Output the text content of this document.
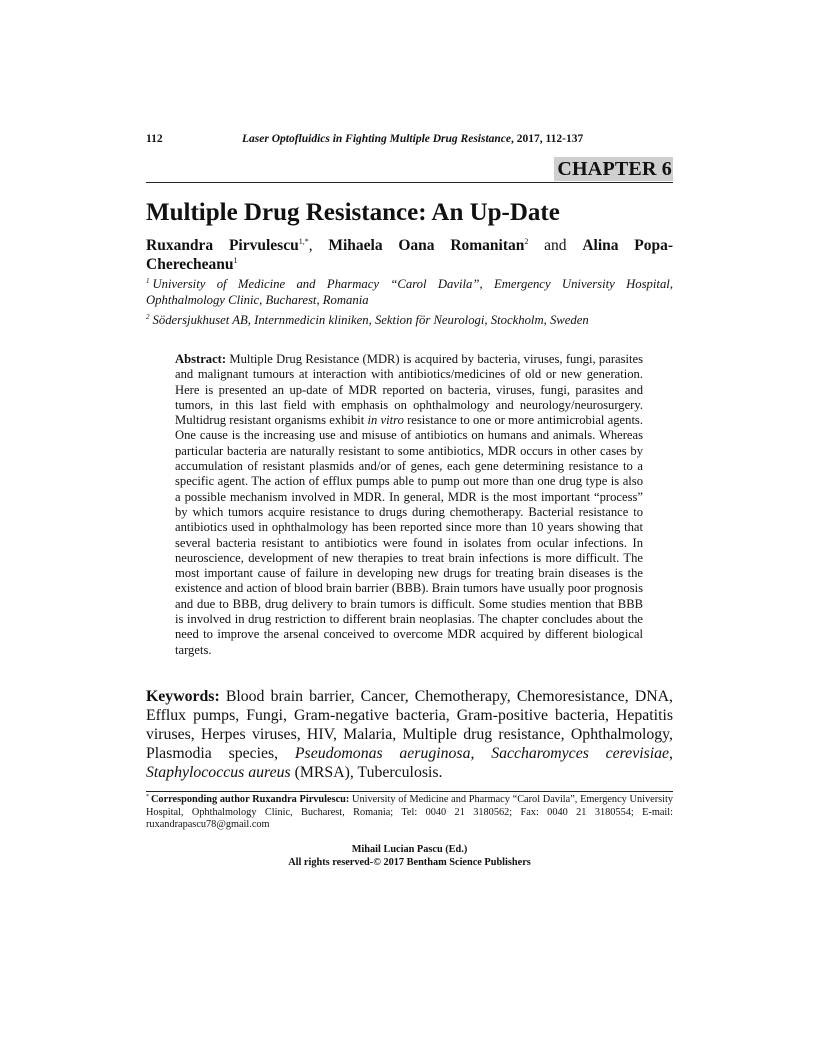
112	Laser Optofluidics in Fighting Multiple Drug Resistance, 2017, 112-137
CHAPTER 6
Multiple Drug Resistance: An Up-Date
Ruxandra Pirvulescu$^{1,*}$, Mihaela Oana Romanitan$^2$ and Alina Popa-Cherecheanu$^1$
$^1$ University of Medicine and Pharmacy “Carol Davila”, Emergency University Hospital, Ophthalmology Clinic, Bucharest, Romania
$^2$ Södersjukhuset AB, Internmedicin kliniken, Sektion för Neurologi, Stockholm, Sweden

Abstract: Multiple Drug Resistance (MDR) is acquired by bacteria, viruses, fungi, parasites and malignant tumours at interaction with antibiotics/medicines of old or new generation. Here is presented an up-date of MDR reported on bacteria, viruses, fungi, parasites and tumors, in this last field with emphasis on ophthalmology and neurology/neurosurgery. Multidrug resistant organisms exhibit in vitro resistance to one or more antimicrobial agents. One cause is the increasing use and misuse of antibiotics on humans and animals. Whereas particular bacteria are naturally resistant to some antibiotics, MDR occurs in other cases by accumulation of resistant plasmids and/or of genes, each gene determining resistance to a specific agent. The action of efflux pumps able to pump out more than one drug type is also a possible mechanism involved in MDR. In general, MDR is the most important “process” by which tumors acquire resistance to drugs during chemotherapy. Bacterial resistance to antibiotics used in ophthalmology has been reported since more than 10 years showing that several bacteria resistant to antibiotics were found in isolates from ocular infections. In neuroscience, development of new therapies to treat brain infections is more difficult. The most important cause of failure in developing new drugs for treating brain diseases is the existence and action of blood brain barrier (BBB). Brain tumors have usually poor prognosis and due to BBB, drug delivery to brain tumors is difficult. Some studies mention that BBB is involved in drug restriction to different brain neoplasias. The chapter concludes about the need to improve the arsenal conceived to overcome MDR acquired by different biological targets.

Keywords: Blood brain barrier, Cancer, Chemotherapy, Chemoresistance, DNA, Efflux pumps, Fungi, Gram-negative bacteria, Gram-positive bacteria, Hepatitis viruses, Herpes viruses, HIV, Malaria, Multiple drug resistance, Ophthalmology, Plasmodia species, Pseudomonas aeruginosa, Saccharomyces cerevisiae, Staphylococcus aureus (MRSA), Tuberculosis.

* Corresponding author Ruxandra Pirvulescu: University of Medicine and Pharmacy “Carol Davila”, Emergency University Hospital, Ophthalmology Clinic, Bucharest, Romania; Tel: 0040 21 3180562; Fax: 0040 21 3180554; E-mail: ruxandrapascu78@gmail.com

Mihail Lucian Pascu (Ed.)
All rights reserved-© 2017 Bentham Science Publishers
